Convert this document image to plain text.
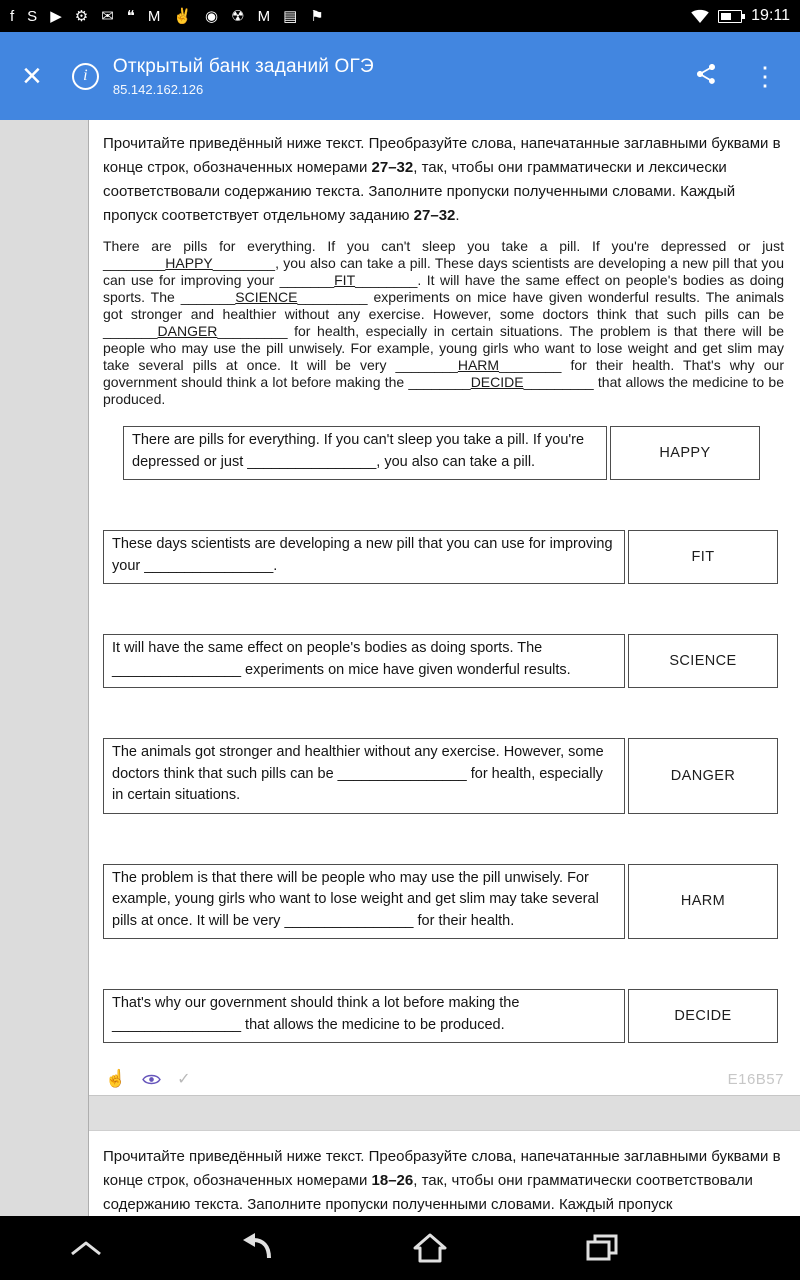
f S ▶ ⚙ ✉ ❝ M ✌ ◉ ☢ M ▤ ⚑	19:11
×	i	Открытый банк заданий ОГЭ
85.142.162.126	⋮

Прочитайте приведённый ниже текст. Преобразуйте слова, напечатанные заглавными буквами в конце строк, обозначенных номерами 27–32, так, чтобы они грамматически и лексически соответствовали содержанию текста. Заполните пропуски полученными словами. Каждый пропуск соответствует отдельному заданию 27–32.

There are pills for everything. If you can't sleep you take a pill. If you're depressed or just ________HAPPY________, you also can take a pill. These days scientists are developing a new pill that you can use for improving your _______FIT________. It will have the same effect on people's bodies as doing sports. The _______SCIENCE_________ experiments on mice have given wonderful results. The animals got stronger and healthier without any exercise. However, some doctors think that such pills can be _______DANGER_________ for health, especially in certain situations. The problem is that there will be people who may use the pill unwisely. For example, young girls who want to lose weight and get slim may take several pills at once. It will be very ________HARM________ for their health. That's why our government should think a lot before making the ________DECIDE_________ that allows the medicine to be produced.

There are pills for everything. If you can't sleep you take a pill. If you're depressed or just ________________, you also can take a pill.
HAPPY
These days scientists are developing a new pill that you can use for improving your ________________.
FIT
It will have the same effect on people's bodies as doing sports. The ________________ experiments on mice have given wonderful results.
SCIENCE
The animals got stronger and healthier without any exercise. However, some doctors think that such pills can be ________________ for health, especially in certain situations.
DANGER
The problem is that there will be people who may use the pill unwisely. For example, young girls who want to lose weight and get slim may take several pills at once. It will be very ________________ for their health.
HARM
That's why our government should think a lot before making the ________________ that allows the medicine to be produced.
DECIDE
☝	✓	E16B57

Прочитайте приведённый ниже текст. Преобразуйте слова, напечатанные заглавными буквами в конце строк, обозначенных номерами 18–26, так, чтобы они грамматически соответствовали содержанию текста. Заполните пропуски полученными словами. Каждый пропуск
